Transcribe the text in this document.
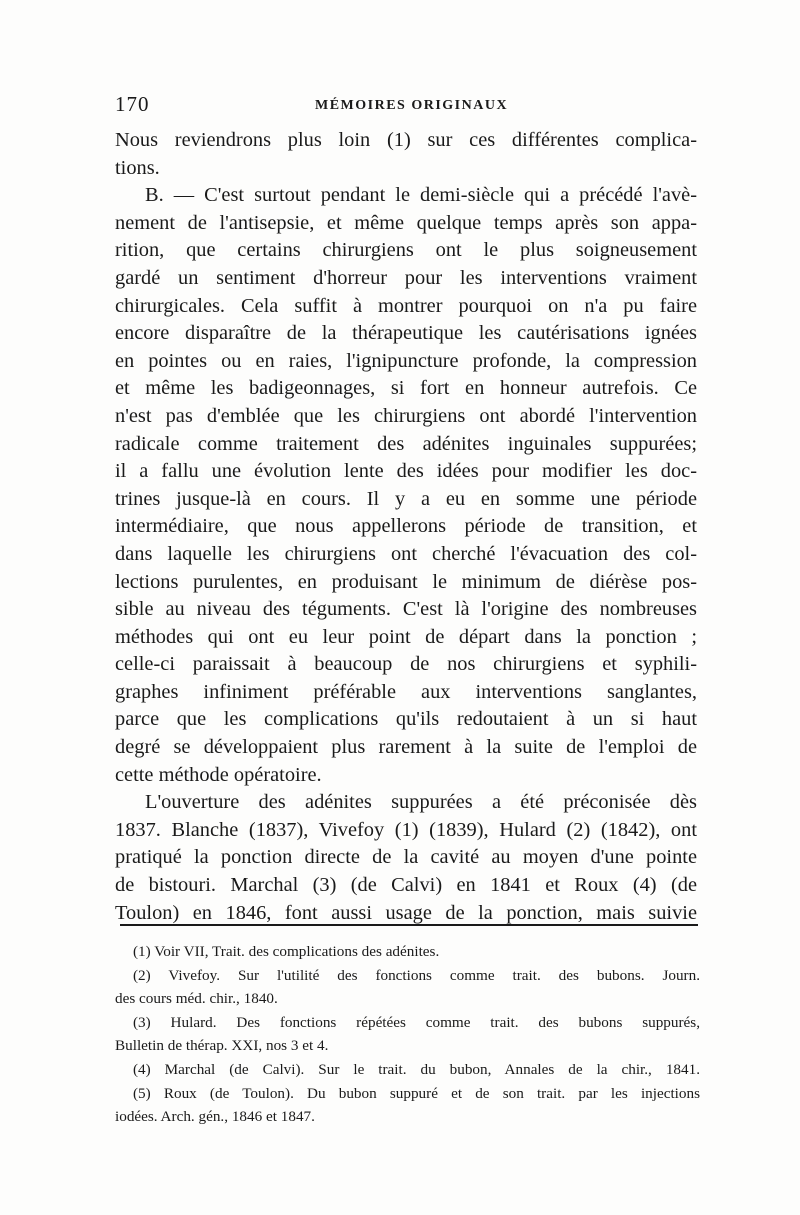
170	MÉMOIRES ORIGINAUX
Nous reviendrons plus loin (1) sur ces différentes complica-
tions.
B. — C'est surtout pendant le demi-siècle qui a précédé l'avè-
nement de l'antisepsie, et même quelque temps après son appa-
rition, que certains chirurgiens ont le plus soigneusement
gardé un sentiment d'horreur pour les interventions vraiment
chirurgicales. Cela suffit à montrer pourquoi on n'a pu faire
encore disparaître de la thérapeutique les cautérisations ignées
en pointes ou en raies, l'ignipuncture profonde, la compression
et même les badigeonnages, si fort en honneur autrefois. Ce
n'est pas d'emblée que les chirurgiens ont abordé l'intervention
radicale comme traitement des adénites inguinales suppurées;
il a fallu une évolution lente des idées pour modifier les doc-
trines jusque-là en cours. Il y a eu en somme une période
intermédiaire, que nous appellerons période de transition, et
dans laquelle les chirurgiens ont cherché l'évacuation des col-
lections purulentes, en produisant le minimum de diérèse pos-
sible au niveau des téguments. C'est là l'origine des nombreuses
méthodes qui ont eu leur point de départ dans la ponction ;
celle-ci paraissait à beaucoup de nos chirurgiens et syphili-
graphes infiniment préférable aux interventions sanglantes,
parce que les complications qu'ils redoutaient à un si haut
degré se développaient plus rarement à la suite de l'emploi de
cette méthode opératoire.
L'ouverture des adénites suppurées a été préconisée dès
1837. Blanche (1837), Vivefoy (1) (1839), Hulard (2) (1842), ont
pratiqué la ponction directe de la cavité au moyen d'une pointe
de bistouri. Marchal (3) (de Calvi) en 1841 et Roux (4) (de
Toulon) en 1846, font aussi usage de la ponction, mais suivie
(1) Voir VII, Trait. des complications des adénites.
(2) Vivefoy. Sur l'utilité des fonctions comme trait. des bubons. Journ.
des cours méd. chir., 1840.
(3) Hulard. Des fonctions répétées comme trait. des bubons suppurés,
Bulletin de thérap. XXI, nos 3 et 4.
(4) Marchal (de Calvi). Sur le trait. du bubon, Annales de la chir., 1841.
(5) Roux (de Toulon). Du bubon suppuré et de son trait. par les injections
iodées. Arch. gén., 1846 et 1847.
